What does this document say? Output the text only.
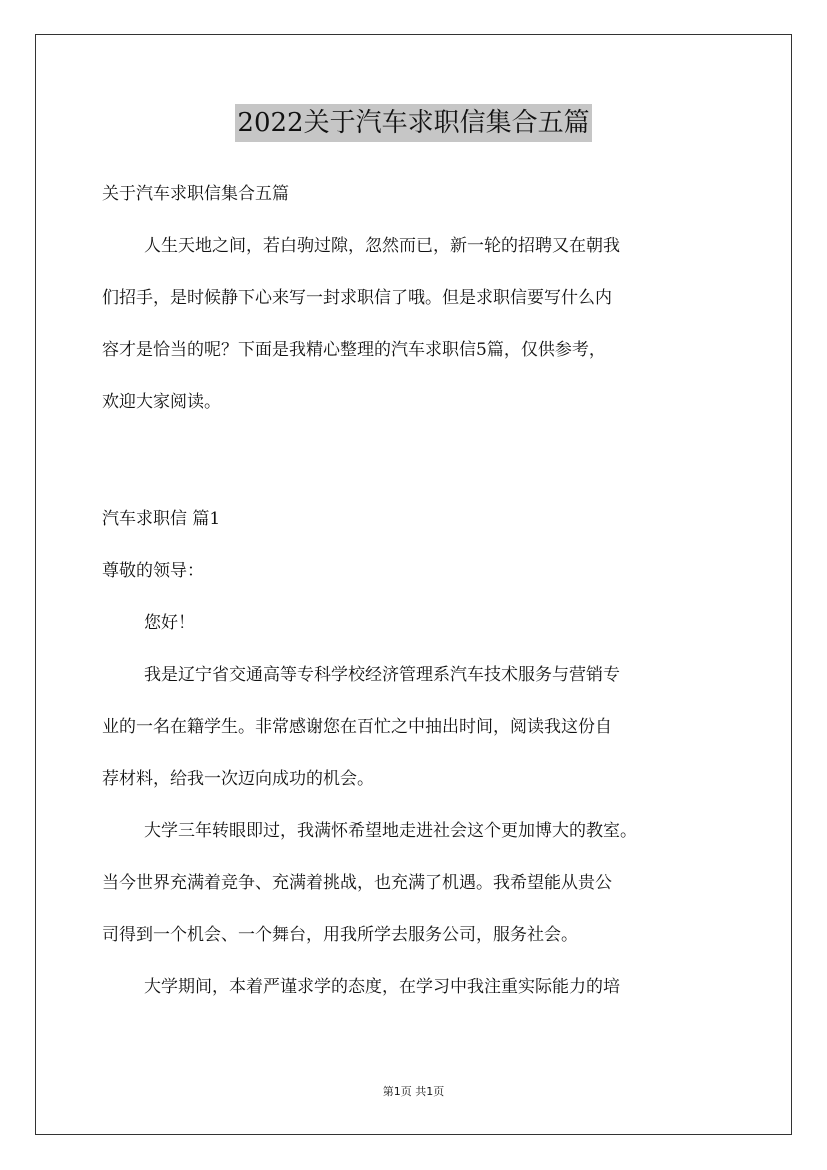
2022关于汽车求职信集合五篇
关于汽车求职信集合五篇
人生天地之间，若白驹过隙，忽然而已，新一轮的招聘又在朝我
们招手，是时候静下心来写一封求职信了哦。但是求职信要写什么内
容才是恰当的呢？下面是我精心整理的汽车求职信5篇，仅供参考，
欢迎大家阅读。
汽车求职信 篇1
尊敬的领导：
您好！
我是辽宁省交通高等专科学校经济管理系汽车技术服务与营销专
业的一名在籍学生。非常感谢您在百忙之中抽出时间，阅读我这份自
荐材料，给我一次迈向成功的机会。
大学三年转眼即过，我满怀希望地走进社会这个更加博大的教室。
当今世界充满着竞争、充满着挑战，也充满了机遇。我希望能从贵公
司得到一个机会、一个舞台，用我所学去服务公司，服务社会。
大学期间，本着严谨求学的态度，在学习中我注重实际能力的培
第1页 共1页
